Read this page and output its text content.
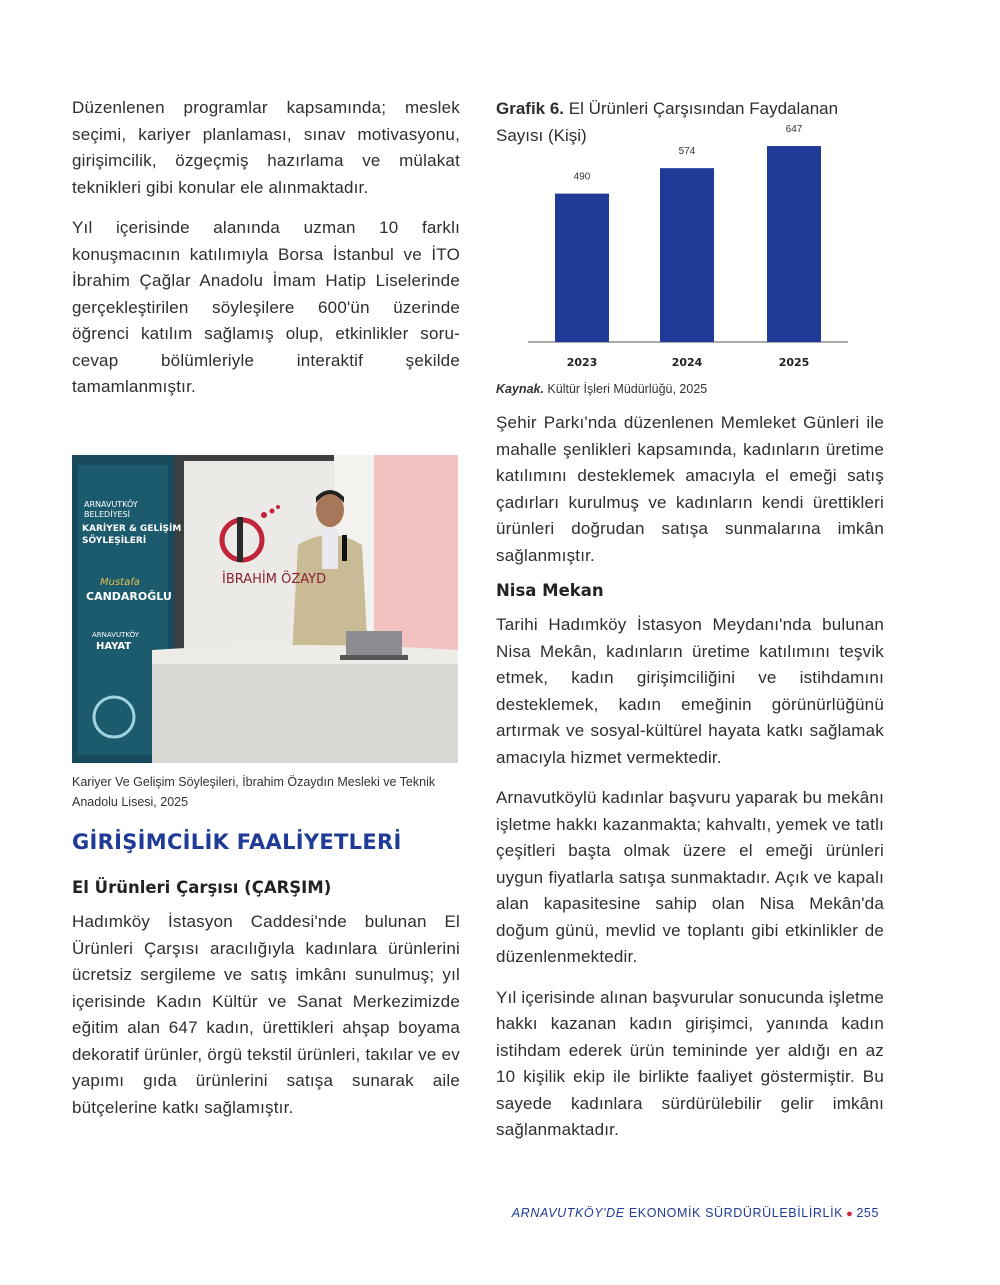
Düzenlenen programlar kapsamında; meslek seçimi, kariyer planlaması, sınav motivasyonu, girişimcilik, özgeçmiş hazırlama ve mülakat teknikleri gibi konular ele alınmaktadır.

Yıl içerisinde alanında uzman 10 farklı konuşmacının katılımıyla Borsa İstanbul ve İTO İbrahim Çağlar Anadolu İmam Hatip Liselerinde gerçekleştirilen söyleşilere 600'ün üzerinde öğrenci katılım sağlamış olup, etkinlikler soru-cevap bölümleriyle interaktif şekilde tamamlanmıştır.

ARNAVUTKÖY
BELEDİYESİ
KARİYER & GELİŞİM
SÖYLEŞİLERİ
Mustafa
CANDAROĞLU
ARNAVUTKÖY
HAYAT
İBRAHİM ÖZAYD
Kariyer Ve Gelişim Söyleşileri, İbrahim Özaydın Mesleki ve Teknik Anadolu Lisesi, 2025
GİRİŞİMCİLİK FAALİYETLERİ
El Ürünleri Çarşısı (ÇARŞIM)

Hadımköy İstasyon Caddesi'nde bulunan El Ürünleri Çarşısı aracılığıyla kadınlara ürünlerini ücretsiz sergileme ve satış imkânı sunulmuş; yıl içerisinde Kadın Kültür ve Sanat Merkezimizde eğitim alan 647 kadın, ürettikleri ahşap boyama dekoratif ürünler, örgü tekstil ürünleri, takılar ve ev yapımı gıda ürünlerini satışa sunarak aile bütçelerine katkı sağlamıştır.

Grafik 6. El Ürünleri Çarşısından Faydalanan Sayısı (Kişi)
490
2023
574
2024
647
2025
Kaynak. Kültür İşleri Müdürlüğü, 2025

Şehir Parkı'nda düzenlenen Memleket Günleri ile mahalle şenlikleri kapsamında, kadınların üretime katılımını desteklemek amacıyla el emeği satış çadırları kurulmuş ve kadınların kendi ürettikleri ürünleri doğrudan satışa sunmalarına imkân sağlanmıştır.

Nisa Mekan

Tarihi Hadımköy İstasyon Meydanı'nda bulunan Nisa Mekân, kadınların üretime katılımını teşvik etmek, kadın girişimciliğini ve istihdamını desteklemek, kadın emeğinin görünürlüğünü artırmak ve sosyal-kültürel hayata katkı sağlamak amacıyla hizmet vermektedir.

Arnavutköylü kadınlar başvuru yaparak bu mekânı işletme hakkı kazanmakta; kahvaltı, yemek ve tatlı çeşitleri başta olmak üzere el emeği ürünleri uygun fiyatlarla satışa sunmaktadır. Açık ve kapalı alan kapasitesine sahip olan Nisa Mekân'da doğum günü, mevlid ve toplantı gibi etkinlikler de düzenlenmektedir.

Yıl içerisinde alınan başvurular sonucunda işletme hakkı kazanan kadın girişimci, yanında kadın istihdam ederek ürün temininde yer aldığı en az 10 kişilik ekip ile birlikte faaliyet göstermiştir. Bu sayede kadınlara sürdürülebilir gelir imkânı sağlanmaktadır.

ARNAVUTKÖY'DE EKONOMİK SÜRDÜRÜLEBİLİRLİK ● 255
